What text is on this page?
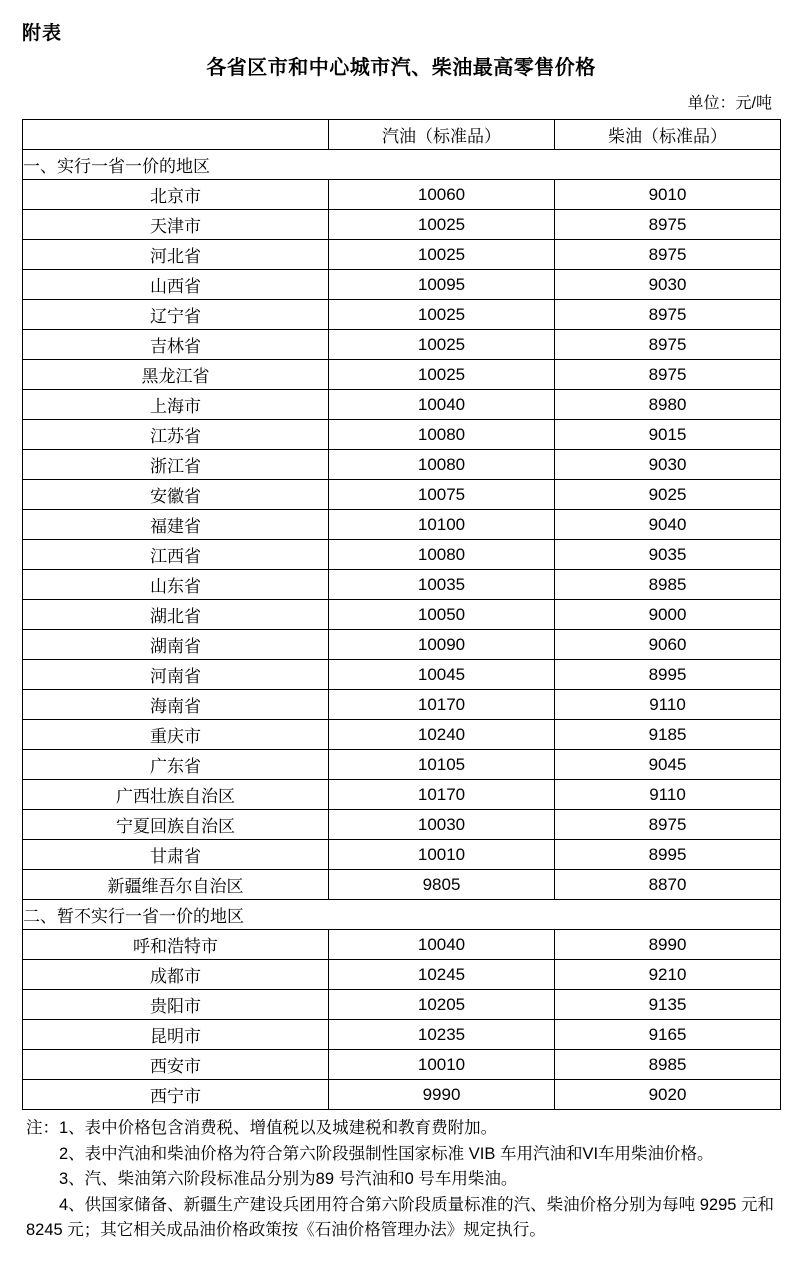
附表
各省区市和中心城市汽、柴油最高零售价格
单位：元/吨
	汽油（标准品）	柴油（标准品）
一、实行一省一价的地区		
北京市	10060	9010
天津市	10025	8975
河北省	10025	8975
山西省	10095	9030
辽宁省	10025	8975
吉林省	10025	8975
黑龙江省	10025	8975
上海市	10040	8980
江苏省	10080	9015
浙江省	10080	9030
安徽省	10075	9025
福建省	10100	9040
江西省	10080	9035
山东省	10035	8985
湖北省	10050	9000
湖南省	10090	9060
河南省	10045	8995
海南省	10170	9110
重庆市	10240	9185
广东省	10105	9045
广西壮族自治区	10170	9110
宁夏回族自治区	10030	8975
甘肃省	10010	8995
新疆维吾尔自治区	9805	8870
二、暂不实行一省一价的地区		
呼和浩特市	10040	8990
成都市	10245	9210
贵阳市	10205	9135
昆明市	10235	9165
西安市	10010	8985
西宁市	9990	9020

注：1、表中价格包含消费税、增值税以及城建税和教育费附加。

2、表中汽油和柴油价格为符合第六阶段强制性国家标准 VIB 车用汽油和VI车用柴油价格。

3、汽、柴油第六阶段标准品分别为89 号汽油和0 号车用柴油。

4、供国家储备、新疆生产建设兵团用符合第六阶段质量标准的汽、柴油价格分别为每吨 9295 元和 8245 元；其它相关成品油价格政策按《石油价格管理办法》规定执行。
